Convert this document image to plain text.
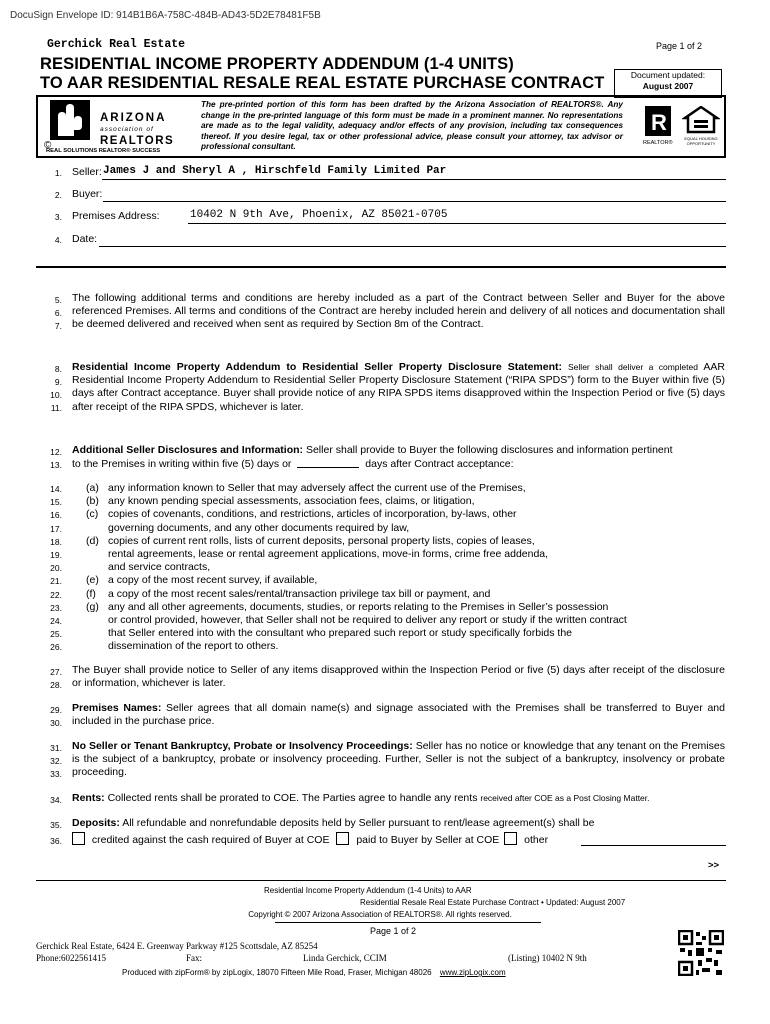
DocuSign Envelope ID: 914B1B6A-758C-484B-AD43-5D2E78481F5B
Gerchick Real Estate	Page 1 of 2
RESIDENTIAL INCOME PROPERTY ADDENDUM (1-4 UNITS)
TO AAR RESIDENTIAL RESALE REAL ESTATE PURCHASE CONTRACT	Document updated:
August 2007
©
ARIZONA
association of
REALTORS
REAL SOLUTIONS REALTOR® SUCCESS
The pre-printed portion of this form has been drafted by the Arizona Association of REALTORS®. Any change in the pre-printed language of this form must be made in a prominent manner. No representations are made as to the legal validity, adequacy and/or effects of any provision, including tax consequences thereof. If you desire legal, tax or other professional advice, please consult your attorney, tax advisor or professional consultant.
R
REALTOR®
EQUAL HOUSING OPPORTUNITY
1. Seller: James J and Sheryl A , Hirschfeld Family Limited Par
2. Buyer:
3. Premises Address:	10402 N 9th Ave, Phoenix, AZ 85021-0705
4. Date:
5.
6.
7.
The following additional terms and conditions are hereby included as a part of the Contract between Seller and Buyer for the above referenced Premises. All terms and conditions of the Contract are hereby included herein and delivery of all notices and documentation shall be deemed delivered and received when sent as required by Section 8m of the Contract.
8.
9.
10.
11.
Residential Income Property Addendum to Residential Seller Property Disclosure Statement: Seller shall deliver a completed AAR Residential Income Property Addendum to Residential Seller Property Disclosure Statement (“RIPA SPDS”) form to the Buyer within five (5) days after Contract acceptance. Buyer shall provide notice of any RIPA SPDS items disapproved within the Inspection Period or five (5) days after receipt of the RIPA SPDS, whichever is later.
12.
13.
Additional Seller Disclosures and Information: Seller shall provide to Buyer the following disclosures and information pertinent
to the Premises in writing within five (5) days or	days after Contract acceptance:
14. (a) any information known to Seller that may adversely affect the current use of the Premises,
15. (b) any known pending special assessments, association fees, claims, or litigation,
16. (c) copies of covenants, conditions, and restrictions, articles of incorporation, by-laws, other
17.	governing documents, and any other documents required by law,
18. (d) copies of current rent rolls, lists of current deposits, personal property lists, copies of leases,
19.	rental agreements, lease or rental agreement applications, move-in forms, crime free addenda,
20.	and service contracts,
21. (e) a copy of the most recent survey, if available,
22. (f) a copy of the most recent sales/rental/transaction privilege tax bill or payment, and
23. (g) any and all other agreements, documents, studies, or reports relating to the Premises in Seller’s possession
24.	or control provided, however, that Seller shall not be required to deliver any report or study if the written contract
25.	that Seller entered into with the consultant who prepared such report or study specifically forbids the
26.	dissemination of the report to others.
27.
28.
The Buyer shall provide notice to Seller of any items disapproved within the Inspection Period or five (5) days after receipt of the disclosure or information, whichever is later.
29.
30.
Premises Names: Seller agrees that all domain name(s) and signage associated with the Premises shall be transferred to Buyer and included in the purchase price.
31.
32.
33.
No Seller or Tenant Bankruptcy, Probate or Insolvency Proceedings: Seller has no notice or knowledge that any tenant on the Premises is the subject of a bankruptcy, probate or insolvency proceeding. Further, Seller is not the subject of a bankruptcy, insolvency or probate proceeding.
34. Rents: Collected rents shall be prorated to COE. The Parties agree to handle any rents received after COE as a Post Closing Matter.
35. Deposits: All refundable and nonrefundable deposits held by Seller pursuant to rent/lease agreement(s) shall be
36.	credited against the cash required of Buyer at COE	paid to Buyer by Seller at COE other
>>
Residential Income Property Addendum (1-4 Units) to AAR
Residential Resale Real Estate Purchase Contract • Updated: August 2007
Copyright © 2007 Arizona Association of REALTORS®. All rights reserved.
Page 1 of 2
Gerchick Real Estate, 6424 E. Greenway Parkway #125 Scottsdale, AZ 85254
Phone:6022561415	Fax:	Linda Gerchick, CCIM	(Listing) 10402 N 9th
Produced with zipForm® by zipLogix, 18070 Fifteen Mile Road, Fraser, Michigan 48026 www.zipLogix.com
